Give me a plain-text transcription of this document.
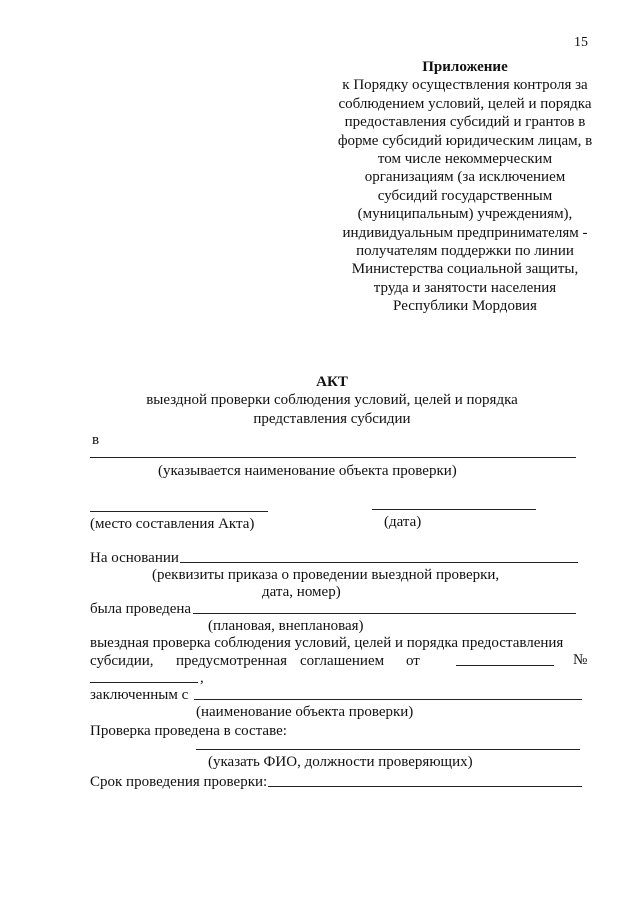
15
Приложение
к Порядку осуществления контроля за
соблюдением условий, целей и порядка
предоставления субсидий и грантов в
форме субсидий юридическим лицам, в
том числе некоммерческим
организациям (за исключением
субсидий государственным
(муниципальным) учреждениям),
индивидуальным предпринимателям -
получателям поддержки по линии
Министерства социальной защиты,
труда и занятости населения
Республики Мордовия
АКТ
выездной проверки соблюдения условий, целей и порядка
представления субсидии
в
(указывается наименование объекта проверки)
(место составления Акта)	(дата)
На основании
(реквизиты приказа о проведении выездной проверки,
дата, номер)
была проведена
(плановая, внеплановая)
выездная проверка соблюдения условий, целей и порядка предоставления
субсидии, предусмотренная соглашением от	№
,
заключенным с
(наименование объекта проверки)
Проверка проведена в составе:
(указать ФИО, должности проверяющих)
Срок проведения проверки:
